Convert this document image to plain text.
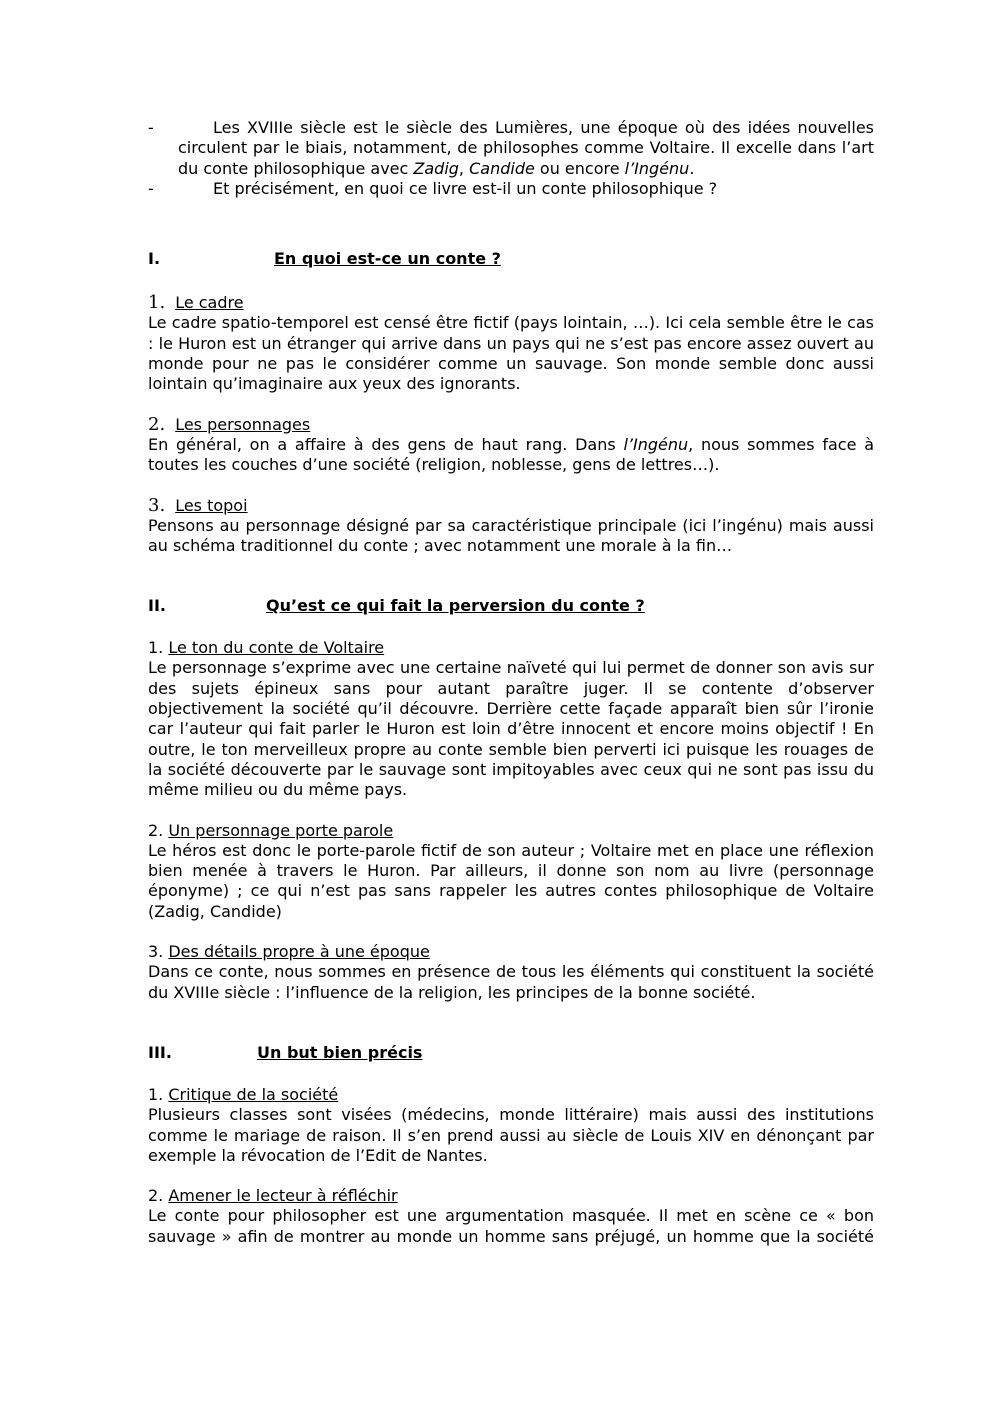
-	Les XVIIIe siècle est le siècle des Lumières, une époque où des idées nouvelles circulent par le biais, notamment, de philosophes comme Voltaire. Il excelle dans l’art du conte philosophique avec Zadig, Candide ou encore l’Ingénu.
-	Et précisément, en quoi ce livre est-il un conte philosophique ?
I.	En quoi est-ce un conte ?
1. Le cadre

Le cadre spatio-temporel est censé être fictif (pays lointain, …). Ici cela semble être le cas : le Huron est un étranger qui arrive dans un pays qui ne s’est pas encore assez ouvert au monde pour ne pas le considérer comme un sauvage. Son monde semble donc aussi lointain qu’imaginaire aux yeux des ignorants.

2. Les personnages

En général, on a affaire à des gens de haut rang. Dans l’Ingénu, nous sommes face à toutes les couches d’une société (religion, noblesse, gens de lettres…).

3. Les topoi

Pensons au personnage désigné par sa caractéristique principale (ici l’ingénu) mais aussi au schéma traditionnel du conte ; avec notamment une morale à la fin…

II.	Qu’est ce qui fait la perversion du conte ?
1. Le ton du conte de Voltaire

Le personnage s’exprime avec une certaine naïveté qui lui permet de donner son avis sur des sujets épineux sans pour autant paraître juger. Il se contente d’observer objectivement la société qu’il découvre. Derrière cette façade apparaît bien sûr l’ironie car l’auteur qui fait parler le Huron est loin d’être innocent et encore moins objectif ! En outre, le ton merveilleux propre au conte semble bien perverti ici puisque les rouages de la société découverte par le sauvage sont impitoyables avec ceux qui ne sont pas issu du même milieu ou du même pays.

2. Un personnage porte parole

Le héros est donc le porte-parole fictif de son auteur ; Voltaire met en place une réflexion bien menée à travers le Huron. Par ailleurs, il donne son nom au livre (personnage éponyme) ; ce qui n’est pas sans rappeler les autres contes philosophique de Voltaire (Zadig, Candide)

3. Des détails propre à une époque

Dans ce conte, nous sommes en présence de tous les éléments qui constituent la société du XVIIIe siècle : l’influence de la religion, les principes de la bonne société.

III.	Un but bien précis
1. Critique de la société

Plusieurs classes sont visées (médecins, monde littéraire) mais aussi des institutions comme le mariage de raison. Il s’en prend aussi au siècle de Louis XIV en dénonçant par exemple la révocation de l’Edit de Nantes.

2. Amener le lecteur à réfléchir

Le conte pour philosopher est une argumentation masquée. Il met en scène ce « bon sauvage » afin de montrer au monde un homme sans préjugé, un homme que la société
